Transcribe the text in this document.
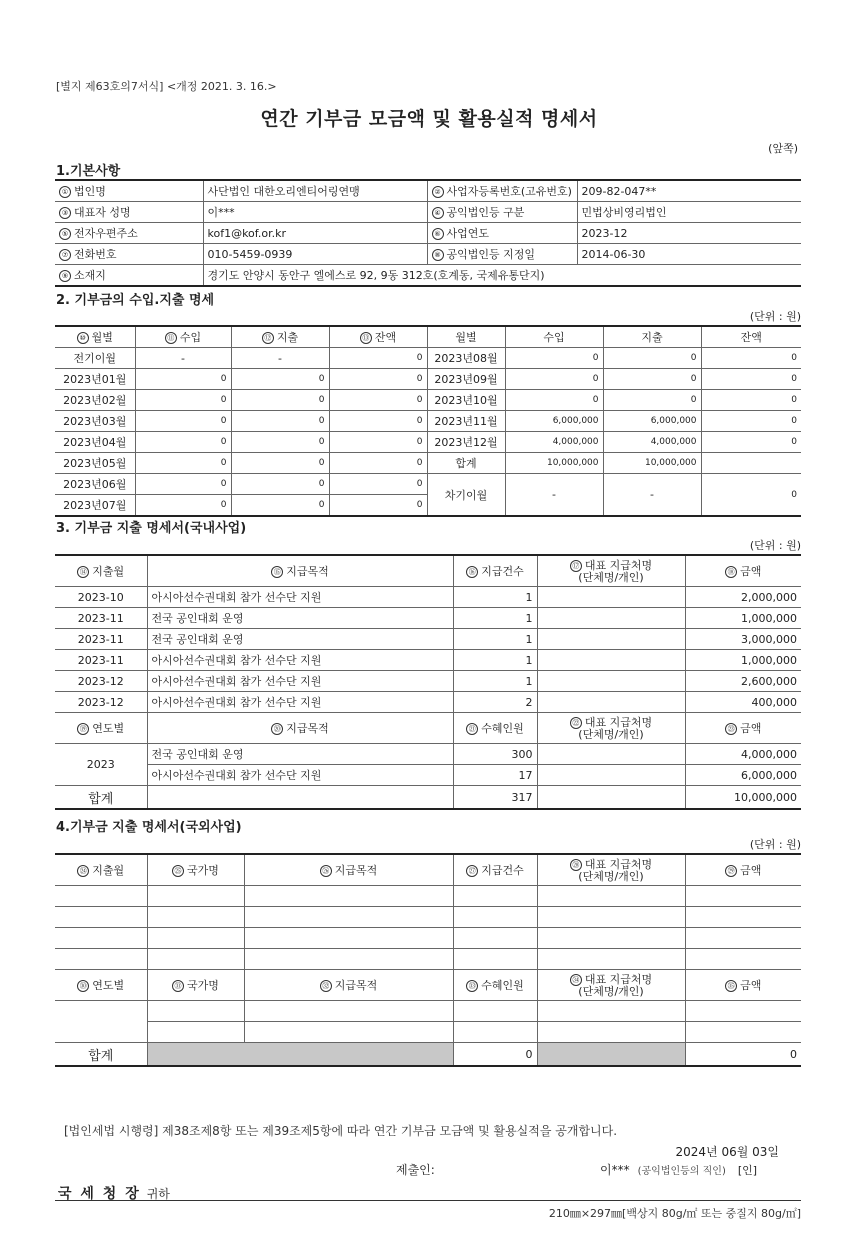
[별지 제63호의7서식] <개정 2021. 3. 16.>
연간 기부금 모금액 및 활용실적 명세서
(앞쪽)
1.기본사항
① 법인명	사단법인 대한오리엔티어링연맹	② 사업자등록번호(고유번호)	209-82-047**
③ 대표자 성명	이***	④ 공익법인등 구분	민법상비영리법인
⑤ 전자우편주소	kof1@kof.or.kr	⑥ 사업연도	2023-12
⑦ 전화번호	010-5459-0939	⑧ 공익법인등 지정일	2014-06-30
⑨ 소재지	경기도 안양시 동안구 엘에스로 92, 9동 312호(호계동, 국제유통단지)		
2. 기부금의 수입.지출 명세
(단위 : 원)
⑩ 월별	⑪ 수입	⑫ 지출	⑬ 잔액	월별	수입	지출	잔액
전기이월	-	-	0	2023년08월	0	0	0
2023년01월	0	0	0	2023년09월	0	0	0
2023년02월	0	0	0	2023년10월	0	0	0
2023년03월	0	0	0	2023년11월	6,000,000	6,000,000	0
2023년04월	0	0	0	2023년12월	4,000,000	4,000,000	0
2023년05월	0	0	0	합계	10,000,000	10,000,000	
2023년06월	0	0	0	차기이월	-	-	0
2023년07월	0	0	0				
3. 기부금 지출 명세서(국내사업)
(단위 : 원)
⑭ 지출월	⑮ 지급목적	⑯ 지급건수	⑰ 대표 지급처명
(단체명/개인)	⑱ 금액
2023-10	아시아선수권대회 참가 선수단 지원	1		2,000,000
2023-11	전국 공인대회 운영	1		1,000,000
2023-11	전국 공인대회 운영	1		3,000,000
2023-11	아시아선수권대회 참가 선수단 지원	1		1,000,000
2023-12	아시아선수권대회 참가 선수단 지원	1		2,600,000
2023-12	아시아선수권대회 참가 선수단 지원	2		400,000
⑲ 연도별	⑳ 지급목적	㉑ 수혜인원	㉒ 대표 지급처명
(단체명/개인)	㉓ 금액
2023	전국 공인대회 운영	300		4,000,000
	아시아선수권대회 참가 선수단 지원	17		6,000,000
합계		317		10,000,000
4.기부금 지출 명세서(국외사업)
(단위 : 원)
㉔ 지출월	㉕ 국가명	㉖ 지급목적	㉗ 지급건수	㉘ 대표 지급처명
(단체명/개인)	㉙ 금액

㉚ 연도별	㉛ 국가명	㉜ 지급목적	㉝ 수혜인원	㉞ 대표 지급처명
(단체명/개인)	㉟ 금액

합계			0		0
[법인세법 시행령] 제38조제8항 또는 제39조제5항에 따라 연간 기부금 모금액 및 활용실적을 공개합니다.
2024년 06월 03일
제출인:	이*** (공익법인등의 직인) [인]
국 세 청 장 귀하
210㎜×297㎜[백상지 80g/㎡ 또는 중질지 80g/㎡]
